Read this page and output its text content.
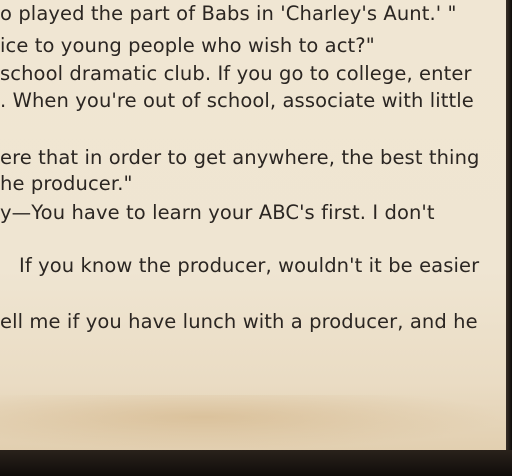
o played the part of Babs in 'Charley's Aunt.' "
ice to young people who wish to act?"
school dramatic club. If you go to college, enter
. When you're out of school, associate with little
ere that in order to get anywhere, the best thing
he producer."
y—You have to learn your ABC's first. I don't
If you know the producer, wouldn't it be easier
ell me if you have lunch with a producer, and he
